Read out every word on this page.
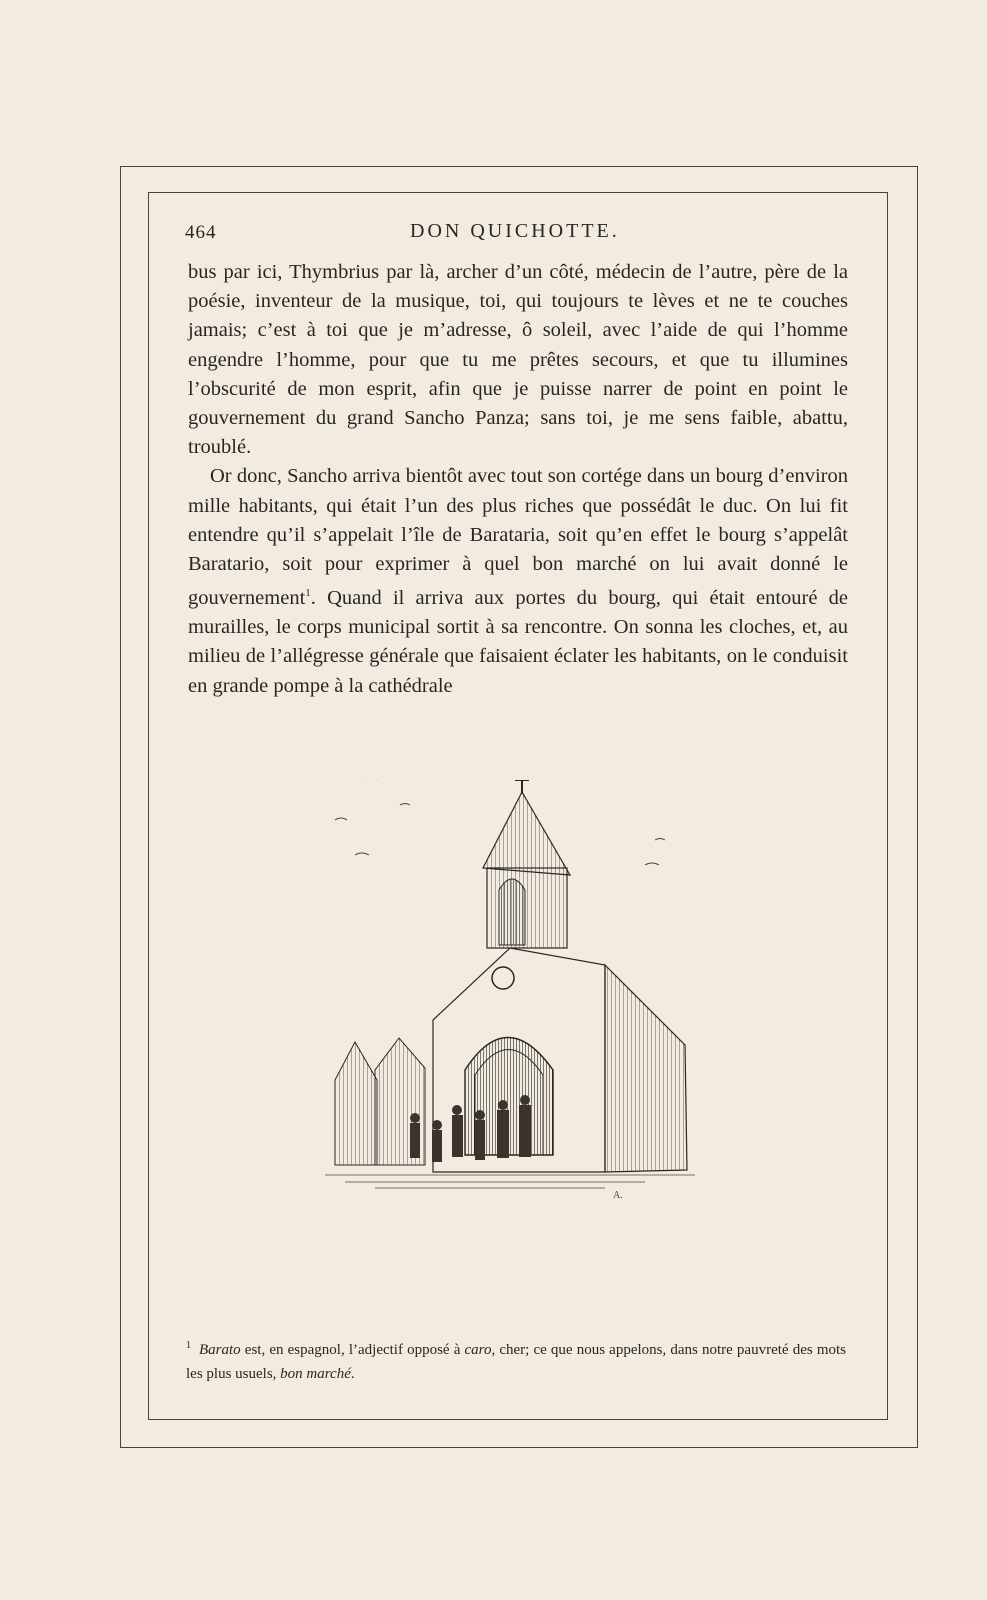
464	DON QUICHOTTE.

bus par ici, Thymbrius par là, archer d’un côté, médecin de l’autre, père de la poésie, inventeur de la musique, toi, qui toujours te lèves et ne te couches jamais; c’est à toi que je m’adresse, ô soleil, avec l’aide de qui l’homme engendre l’homme, pour que tu me prêtes secours, et que tu illumines l’obscurité de mon esprit, afin que je puisse narrer de point en point le gouvernement du grand Sancho Panza; sans toi, je me sens faible, abattu, troublé.

Or donc, Sancho arriva bientôt avec tout son cortége dans un bourg d’environ mille habitants, qui était l’un des plus riches que possédât le duc. On lui fit entendre qu’il s’appelait l’île de Barataria, soit qu’en effet le bourg s’appelât Baratario, soit pour exprimer à quel bon marché on lui avait donné le gouvernement$^1$. Quand il arriva aux portes du bourg, qui était entouré de murailles, le corps municipal sortit à sa rencontre. On sonna les cloches, et, au milieu de l’allégresse générale que faisaient éclater les habitants, on le conduisit en grande pompe à la cathédrale

A.
$^1$ Barato est, en espagnol, l’adjectif opposé à caro, cher; ce que nous appelons, dans notre pauvreté des mots les plus usuels, bon marché.
